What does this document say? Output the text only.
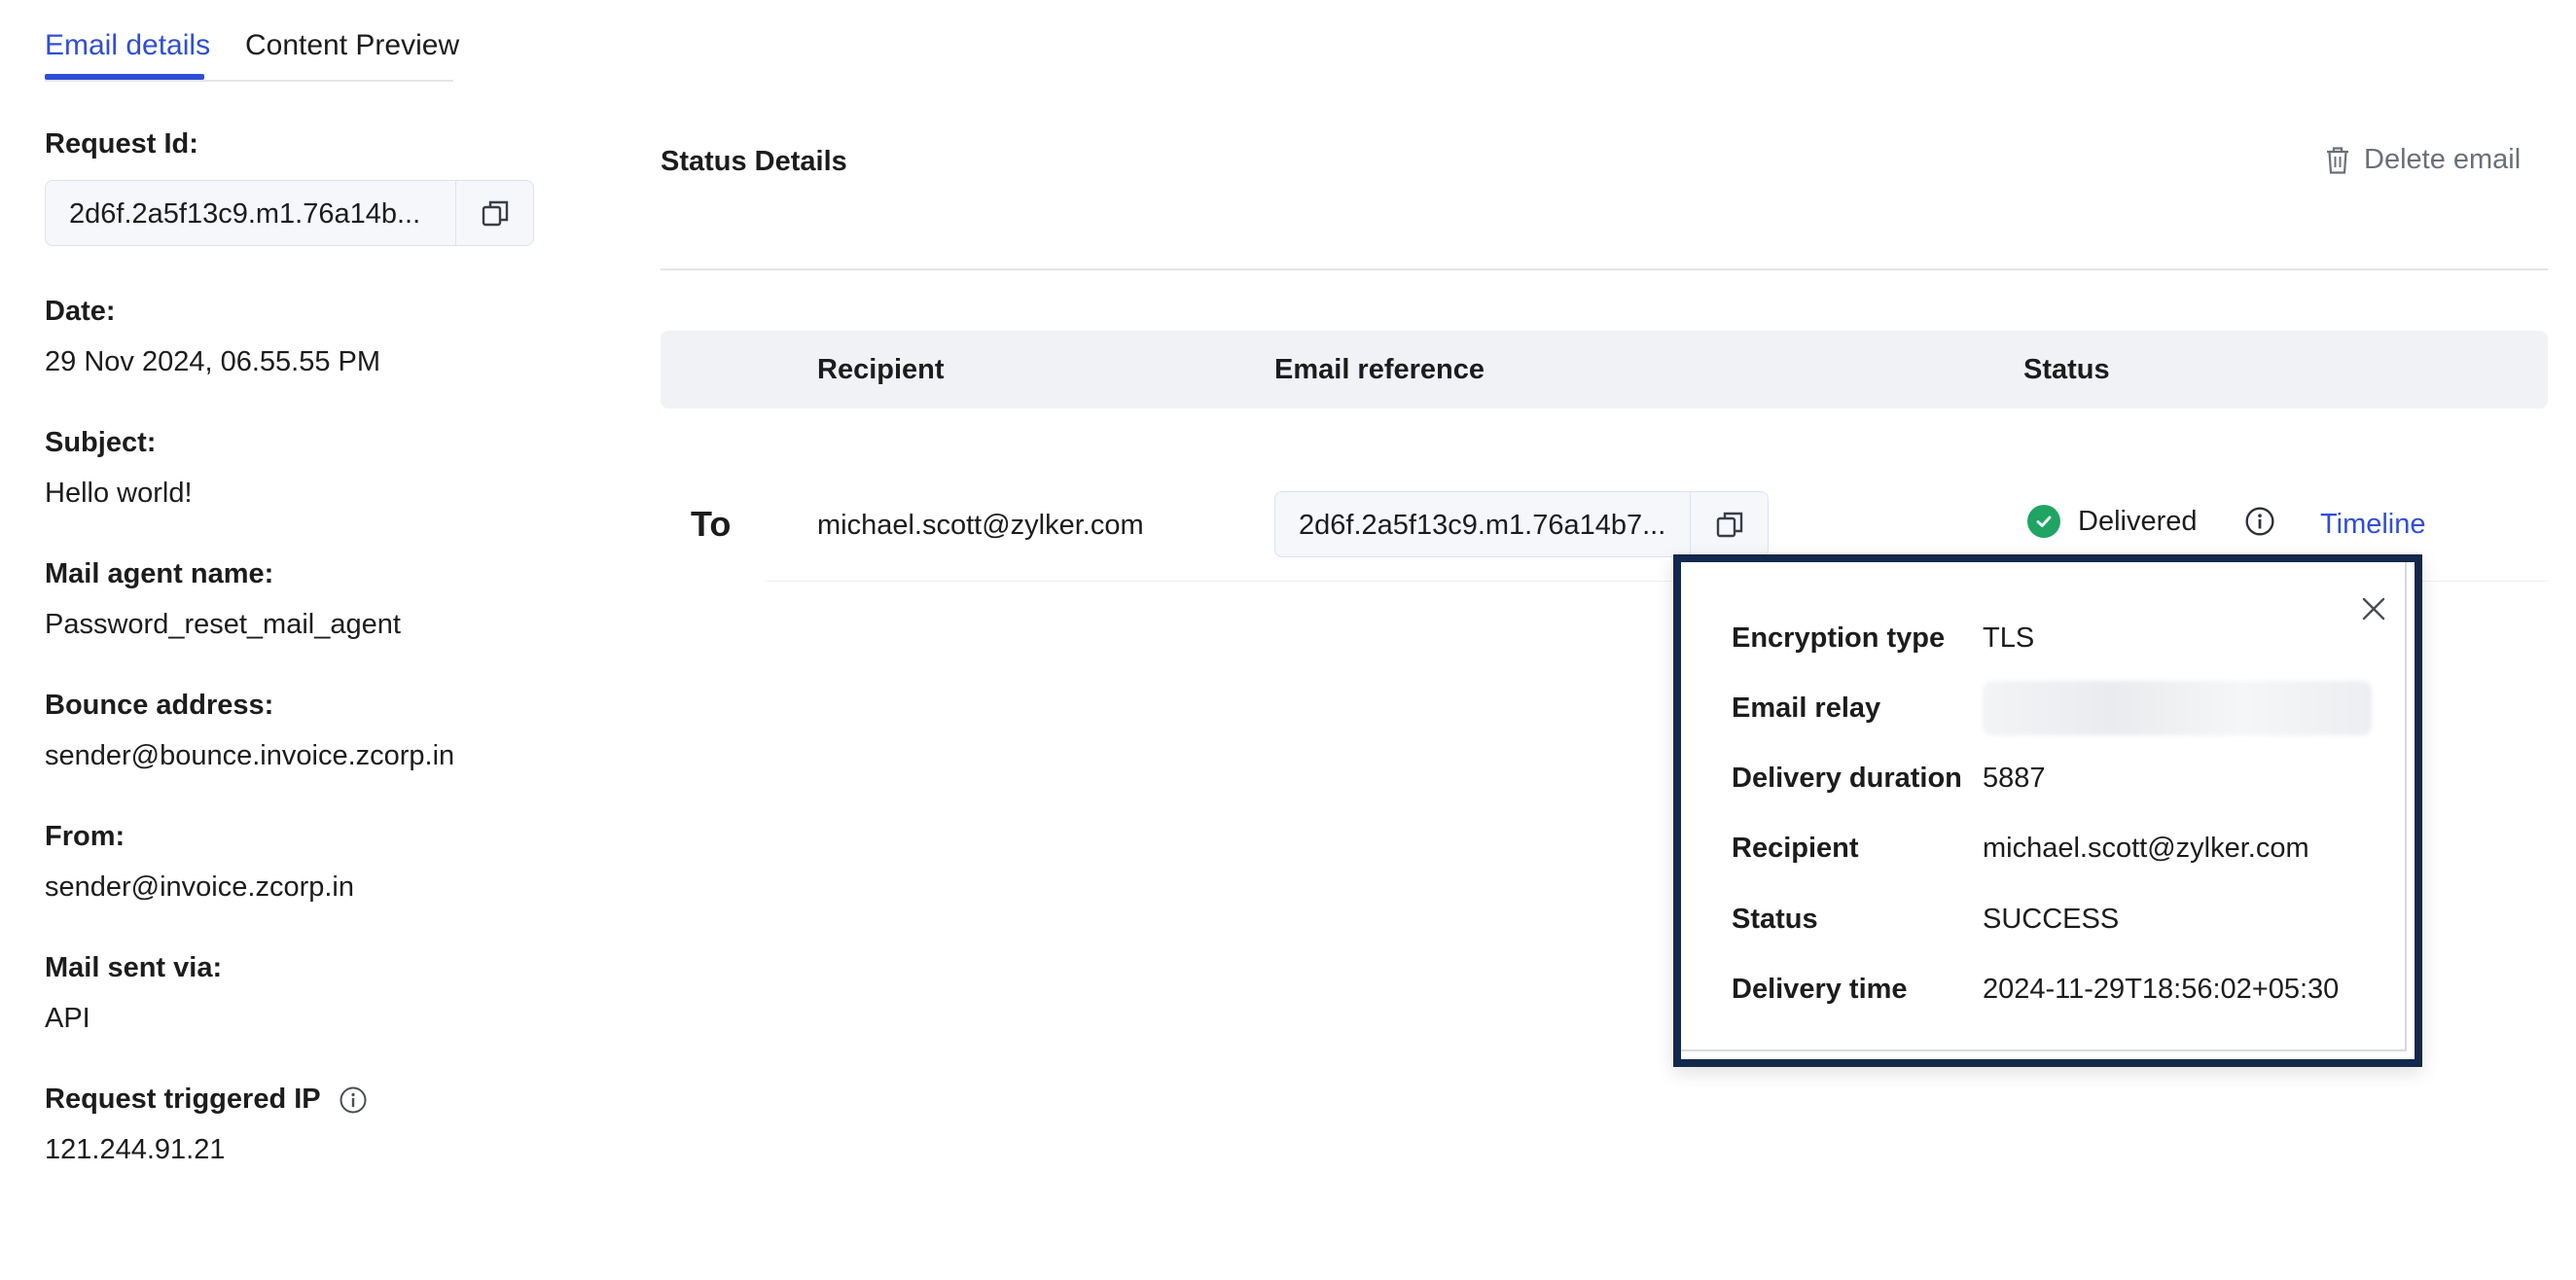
Email details Content Preview
Request Id:
2d6f.2a5f13c9.m1.76a14b...
Date:
29 Nov 2024, 06.55.55 PM
Subject:
Hello world!
Mail agent name:
Password_reset_mail_agent
Bounce address:
sender@bounce.invoice.zcorp.in
From:
sender@invoice.zcorp.in
Mail sent via:
API
Request triggered IP
121.244.91.21
Status Details	Delete email
Recipient	Email reference	Status
To	michael.scott@zylker.com	2d6f.2a5f13c9.m1.76a14b7...	Delivered	Timeline
Encryption type TLS
Email relay
Delivery duration 5887
Recipient	michael.scott@zylker.com
Status	SUCCESS
Delivery time	2024-11-29T18:56:02+05:30
